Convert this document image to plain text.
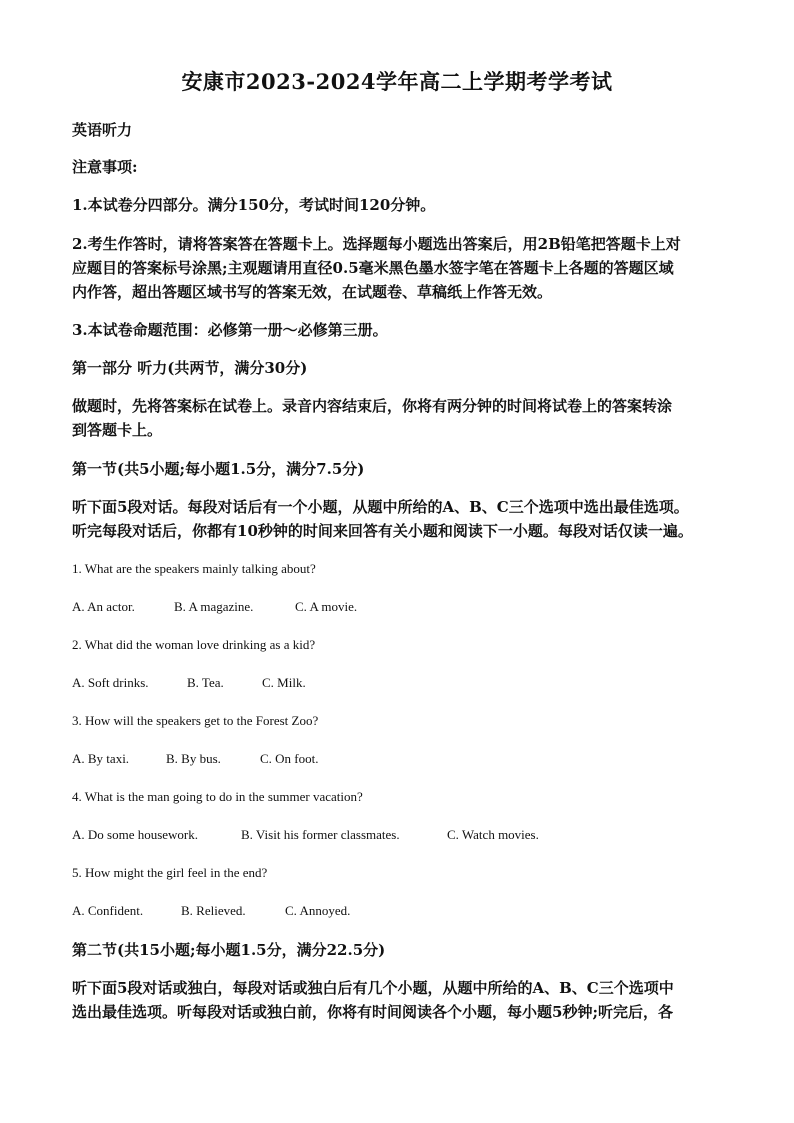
安康市2023-2024学年高二上学期考学考试
英语听力
注意事项:
1.本试卷分四部分。满分150分，考试时间120分钟。
2.考生作答时，请将答案答在答题卡上。选择题每小题选出答案后，用2B铅笔把答题卡上对
应题目的答案标号涂黑;主观题请用直径0.5毫米黑色墨水签字笔在答题卡上各题的答题区域
内作答，超出答题区域书写的答案无效，在试题卷、草稿纸上作答无效。
3.本试卷命题范围：必修第一册～必修第三册。
第一部分 听力(共两节，满分30分)
做题时，先将答案标在试卷上。录音内容结束后，你将有两分钟的时间将试卷上的答案转涂
到答题卡上。
第一节(共5小题;每小题1.5分，满分7.5分)
听下面5段对话。每段对话后有一个小题，从题中所给的A、B、C三个选项中选出最佳选项。
听完每段对话后，你都有10秒钟的时间来回答有关小题和阅读下一小题。每段对话仅读一遍。
1. What are the speakers mainly talking about?
A. An actor.	B. A magazine.	C. A movie.
2. What did the woman love drinking as a kid?
A. Soft drinks.	B. Tea.	C. Milk.
3. How will the speakers get to the Forest Zoo?
A. By taxi.	B. By bus.	C. On foot.
4. What is the man going to do in the summer vacation?
A. Do some housework.	B. Visit his former classmates.	C. Watch movies.
5. How might the girl feel in the end?
A. Confident.	B. Relieved.	C. Annoyed.
第二节(共15小题;每小题1.5分，满分22.5分)
听下面5段对话或独白，每段对话或独白后有几个小题，从题中所给的A、B、C三个选项中
选出最佳选项。听每段对话或独白前，你将有时间阅读各个小题，每小题5秒钟;听完后，各
